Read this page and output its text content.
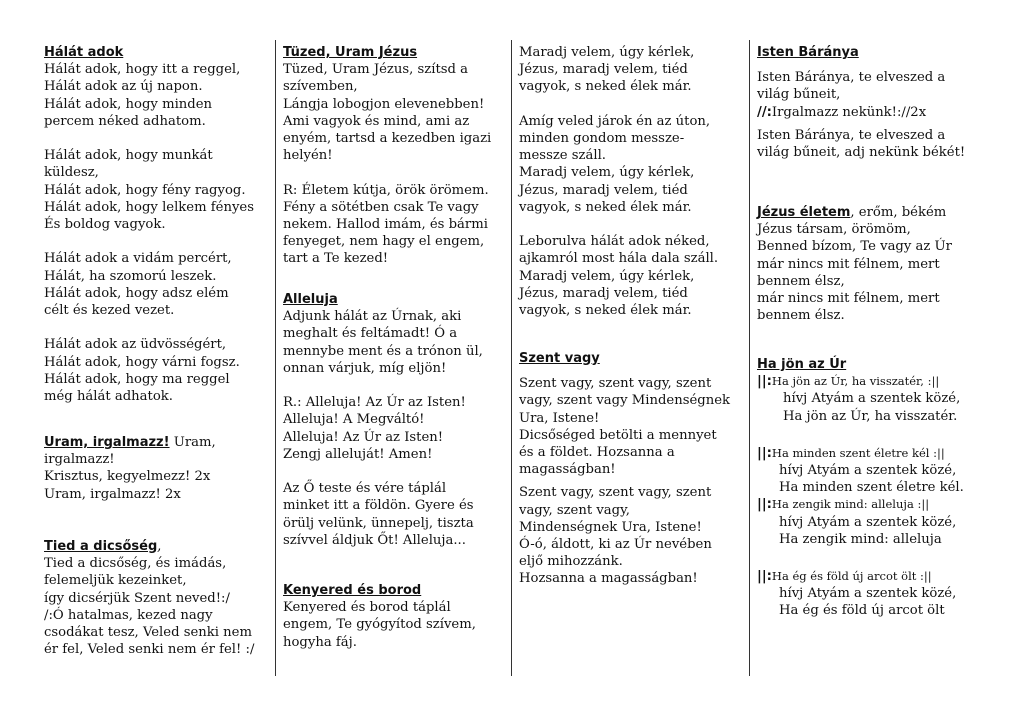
Hálát adok
Hálát adok, hogy itt a reggel,
Hálát adok az új napon.
Hálát adok, hogy minden
percem néked adhatom.

Hálát adok, hogy munkát
küldesz,
Hálát adok, hogy fény ragyog.
Hálát adok, hogy lelkem fényes
És boldog vagyok.

Hálát adok a vidám percért,
Hálát, ha szomorú leszek.
Hálát adok, hogy adsz elém
célt és kezed vezet.

Hálát adok az üdvösségért,
Hálát adok, hogy várni fogsz.
Hálát adok, hogy ma reggel
még hálát adhatok.
Uram, irgalmazz! Uram,
irgalmazz!
Krisztus, kegyelmezz! 2x
Uram, irgalmazz! 2x
Tied a dicsőség,
Tied a dicsőség, és imádás,
felemeljük kezeinket,
így dicsérjük Szent neved!:/
/:Ó hatalmas, kezed nagy
csodákat tesz, Veled senki nem
ér fel, Veled senki nem ér fel! :/
Tüzed, Uram Jézus
Tüzed, Uram Jézus, szítsd a
szívemben,
Lángja lobogjon elevenebben!
Ami vagyok és mind, ami az
enyém, tartsd a kezedben igazi
helyén!

R: Életem kútja, örök örömem.
Fény a sötétben csak Te vagy
nekem. Hallod imám, és bármi
fenyeget, nem hagy el engem,
tart a Te kezed!
Alleluja
Adjunk hálát az Úrnak, aki
meghalt és feltámadt! Ó a
mennybe ment és a trónon ül,
onnan várjuk, míg eljön!

R.: Alleluja! Az Úr az Isten!
Alleluja! A Megváltó!
Alleluja! Az Úr az Isten!
Zengj alleluját! Amen!

Az Ő teste és vére táplál
minket itt a földön. Gyere és
örülj velünk, ünnepelj, tiszta
szívvel áldjuk Őt! Alleluja...
Kenyered és borod
Kenyered és borod táplál
engem, Te gyógyítod szívem,
hogyha fáj.
Maradj velem, úgy kérlek,
Jézus, maradj velem, tiéd
vagyok, s neked élek már.

Amíg veled járok én az úton,
minden gondom messze-
messze száll.
Maradj velem, úgy kérlek,
Jézus, maradj velem, tiéd
vagyok, s neked élek már.

Leborulva hálát adok néked,
ajkamról most hála dala száll.
Maradj velem, úgy kérlek,
Jézus, maradj velem, tiéd
vagyok, s neked élek már.
Szent vagy
Szent vagy, szent vagy, szent
vagy, szent vagy Mindenségnek
Ura, Istene!
Dicsőséged betölti a mennyet
és a földet. Hozsanna a
magasságban!
Szent vagy, szent vagy, szent
vagy, szent vagy,
Mindenségnek Ura, Istene!
Ó-ó, áldott, ki az Úr nevében
eljő mihozzánk.
Hozsanna a magasságban!
Isten Báránya
Isten Báránya, te elveszed a
világ bűneit,
//:Irgalmazz nekünk!://2x
Isten Báránya, te elveszed a
világ bűneit, adj nekünk békét!
Jézus életem, erőm, békém
Jézus társam, örömöm,
Benned bízom, Te vagy az Úr
már nincs mit félnem, mert
bennem élsz,
már nincs mit félnem, mert
bennem élsz.
Ha jön az Úr
||:Ha jön az Úr, ha visszatér, :||
hívj Atyám a szentek közé,
Ha jön az Úr, ha visszatér.
||:Ha minden szent életre kél :||
hívj Atyám a szentek közé,
Ha minden szent életre kél.
||:Ha zengik mind: alleluja :||
hívj Atyám a szentek közé,
Ha zengik mind: alleluja
||:Ha ég és föld új arcot ölt :||
hívj Atyám a szentek közé,
Ha ég és föld új arcot ölt
